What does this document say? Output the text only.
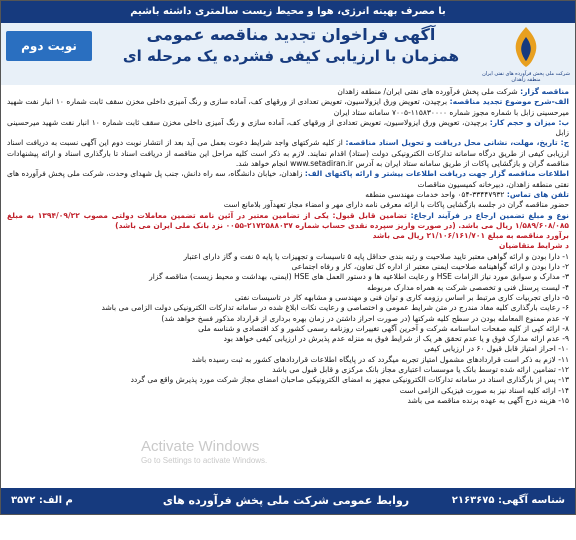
با مصرف بهینه انرژی، هوا و محیط زیست سالمتری داشته باشیم
نوبت دوم
آگهی فراخوان تجدید مناقصه عمومی
همزمان با ارزیابی کیفی فشرده یک مرحله ای
شرکت ملی پخش فرآورده های نفتی ایران
منطقه زاهدان

مناقصه گزار: شرکت ملی پخش فرآورده های نفتی ایران/ منطقه زاهدان

الف-شرح موضوع تجدید مناقصه: برچیدن، تعویض ورق ایزولاسیون، تعویض تعدادی از ورقهای کف، آماده سازی و رنگ آمیزی داخلی مخزن سقف ثابت شماره ۱۰ انبار نفت شهید میرحسینی زابل با شماره مجوز شماره ۱۱۵۸۳۰۰۰۰-۷۰۰۵ سامانه ستاد ایران

ب: میزان و حجم کار: برچیدن، تعویض ورق ایزولاسیون، تعویض تعدادی از ورقهای کف، آماده سازی و رنگ آمیزی داخلی مخزن سقف ثابت شماره ۱۰ انبار نفت شهید میرحسینی زابل

ج: تاریخ، مهلت، نشانی محل دریافت و تحویل اسناد مناقصه: از کلیه شرکتهای واجد شرایط دعوت بعمل می آید بعد از انتشار نوبت دوم این آگهی نسبت به دریافت اسناد ارزیابی کیفی از طریق درگاه سامانه تدارکات الکترونیکی دولت (ستاد) اقدام نمایند. لازم به ذکر است کلیه مراحل این مناقصه از دریافت اسناد تا بارگذاری اسناد و ارائه پیشنهادات مناقصه گران و بازگشایی پاکات از طریق سامانه ستاد ایران به آدرس www.setadiran.ir انجام خواهد شد.

اطلاعات مناقصه گزار جهت دریافت اطلاعات بیشتر و ارائه پاکتهای الف: زاهدان، خیابان دانشگاه، سه راه دانش، جنب پل شهدای وحدت، شرکت ملی پخش فرآورده های نفتی منطقه زاهدان، دبیرخانه کمیسیون مناقصات

تلفن های تماس: ۳۳۴۴۷۹۳۲-۰۵۴ واحد خدمات مهندسی منطقه

حضور مناقصه گران در جلسه بازگشایی پاکات با ارائه معرفی نامه دارای مهر و امضاء مجاز تعهدآور بلامانع است

نوع و مبلغ تضمین ارجاع در فرآیند ارجاع: تضامین قابل قبول: یکی از تضامین معتبر در آئین نامه تضمین معاملات دولتی مصوب ۱۳۹۴/۰۹/۲۲ به مبلغ ۱/۵۸۹/۶۰۸/۰۸۵ ریال می باشد. (در صورت واریز سپرده نقدی حساب شماره ۲۱۷۲۵۸۸۰۳۷-۰۰۵۵ نزد بانک ملی ایران می باشد)

برآورد مناقصه به مبلغ ۲۱/۱۰۶/۱۶۱/۷۰۱ ریال می باشد

د شرایط متقاضیان

۱- دارا بودن و ارائه گواهی معتبر تایید صلاحیت و رتبه بندی حداقل پایه ۵ تاسیسات و تجهیزات یا پایه ۵ نفت و گاز دارای اعتبار

۲- دارا بودن و ارائه گواهینامه صلاحیت ایمنی معتبر از اداره کل تعاون، کار و رفاه اجتماعی

۳- مدارک و سوابق مورد نیاز الزامات HSE و رعایت اطلاعیه ها و دستور العمل های HSE (ایمنی، بهداشت و محیط زیست) مناقصه گزار

۴- لیست پرسنل فنی و تخصصی شرکت به همراه مدارک مربوطه

۵- دارای تجربیات کاری مرتبط بر اساس رزومه کاری و توان فنی و مهندسی و مشابهه کار در تاسیسات نفتی

۶- رعایت بارگذاری کلیه مفاد مندرج در متن شرایط عمومی و اختصاصی و رعایت نکات ابلاغ شده در سامانه تدارکات الکترونیکی دولت الزامی می باشد

۷- عدم ممنوع المعامله بودن در سطح کلیه شرکتها (در صورت احراز داشتن در زمان بهره برداری از قرارداد مذکور فسخ خواهد شد)

۸- ارائه کپی از کلیه صفحات اساسنامه شرکت و آخرین آگهی تغییرات روزنامه رسمی کشور و کد اقتصادی و شناسه ملی

۹- عدم ارائه مدارک فوق و یا عدم تحقق هر یک از شرایط فوق به منزله عدم پذیرش در ارزیابی کیفی خواهد بود

۱۰- احراز امتیاز قابل قبول ۶۰ در ارزیابی کیفی

۱۱- لازم به ذکر است قراردادهای مشمول امتیاز تجربه میگردد که در پایگاه اطلاعات قراردادهای کشور به ثبت رسیده باشد

۱۲- تضامین ارائه شده توسط بانک یا موسسات اعتباری مجاز بانک مرکزی و قابل قبول می باشد

۱۳- پس از بارگذاری اسناد در سامانه تدارکات الکترونیکی مجهز به امضای الکترونیکی صاحبان امضای مجاز شرکت مورد پذیرش واقع می گردد

۱۴- ارائه کلیه اسناد نیز به صورت فیزیکی الزامی است

۱۵- هزینه درج آگهی به عهده برنده مناقصه می باشد

Activate Windows
Go to Settings to activate Windows.
شناسه آگهی: ۲۱۶۳۶۷۵
روابط عمومی شرکت ملی پخش فرآورده های نفتی منطقه زاهدان
م الف: ۳۵۷۲
